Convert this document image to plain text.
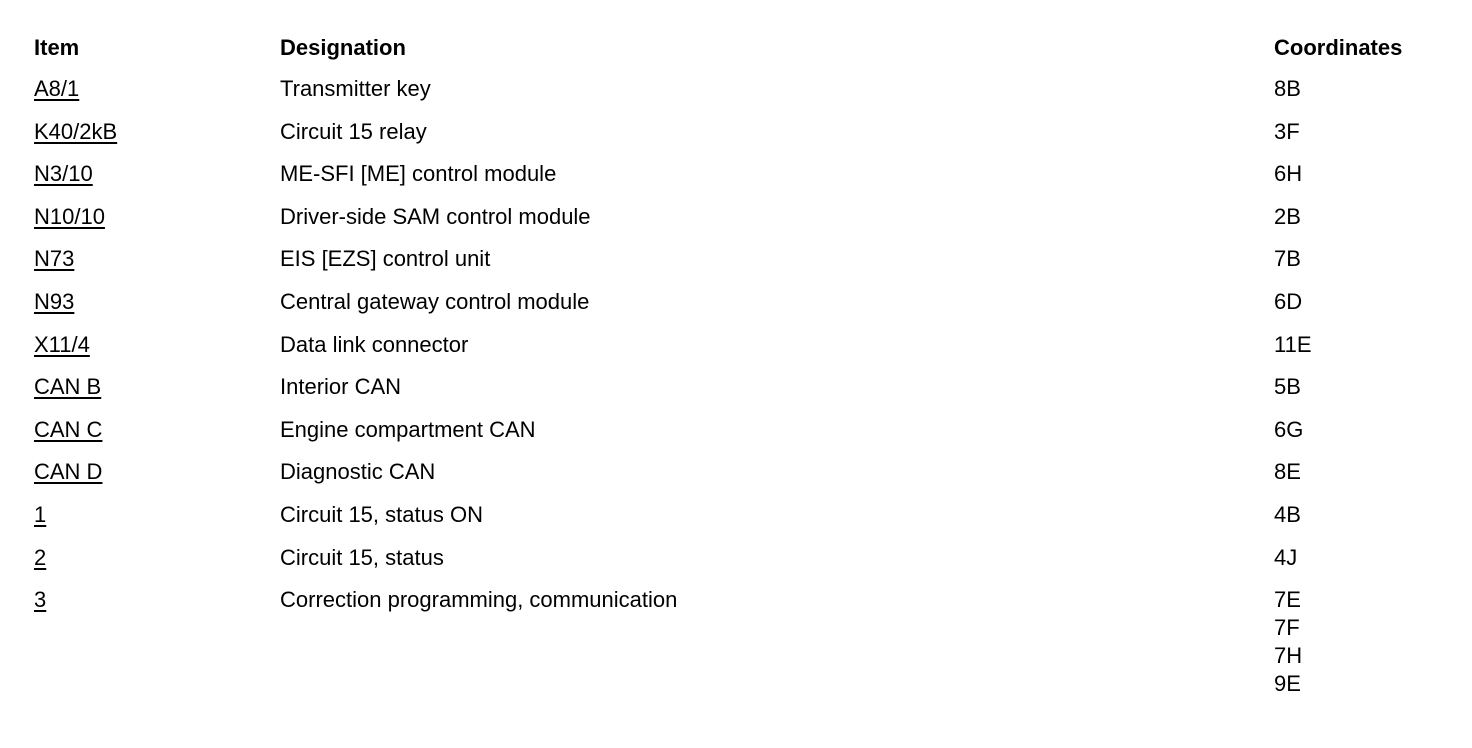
Item	Designation	Coordinates
A8/1	Transmitter key	8B
K40/2kB	Circuit 15 relay	3F
N3/10	ME-SFI [ME] control module	6H
N10/10	Driver-side SAM control module	2B
N73	EIS [EZS] control unit	7B
N93	Central gateway control module	6D
X11/4	Data link connector	11E
CAN B	Interior CAN	5B
CAN C	Engine compartment CAN	6G
CAN D	Diagnostic CAN	8E
1	Circuit 15, status ON	4B
2	Circuit 15, status	4J
3	Correction programming, communication	7E
7F
7H
9E
